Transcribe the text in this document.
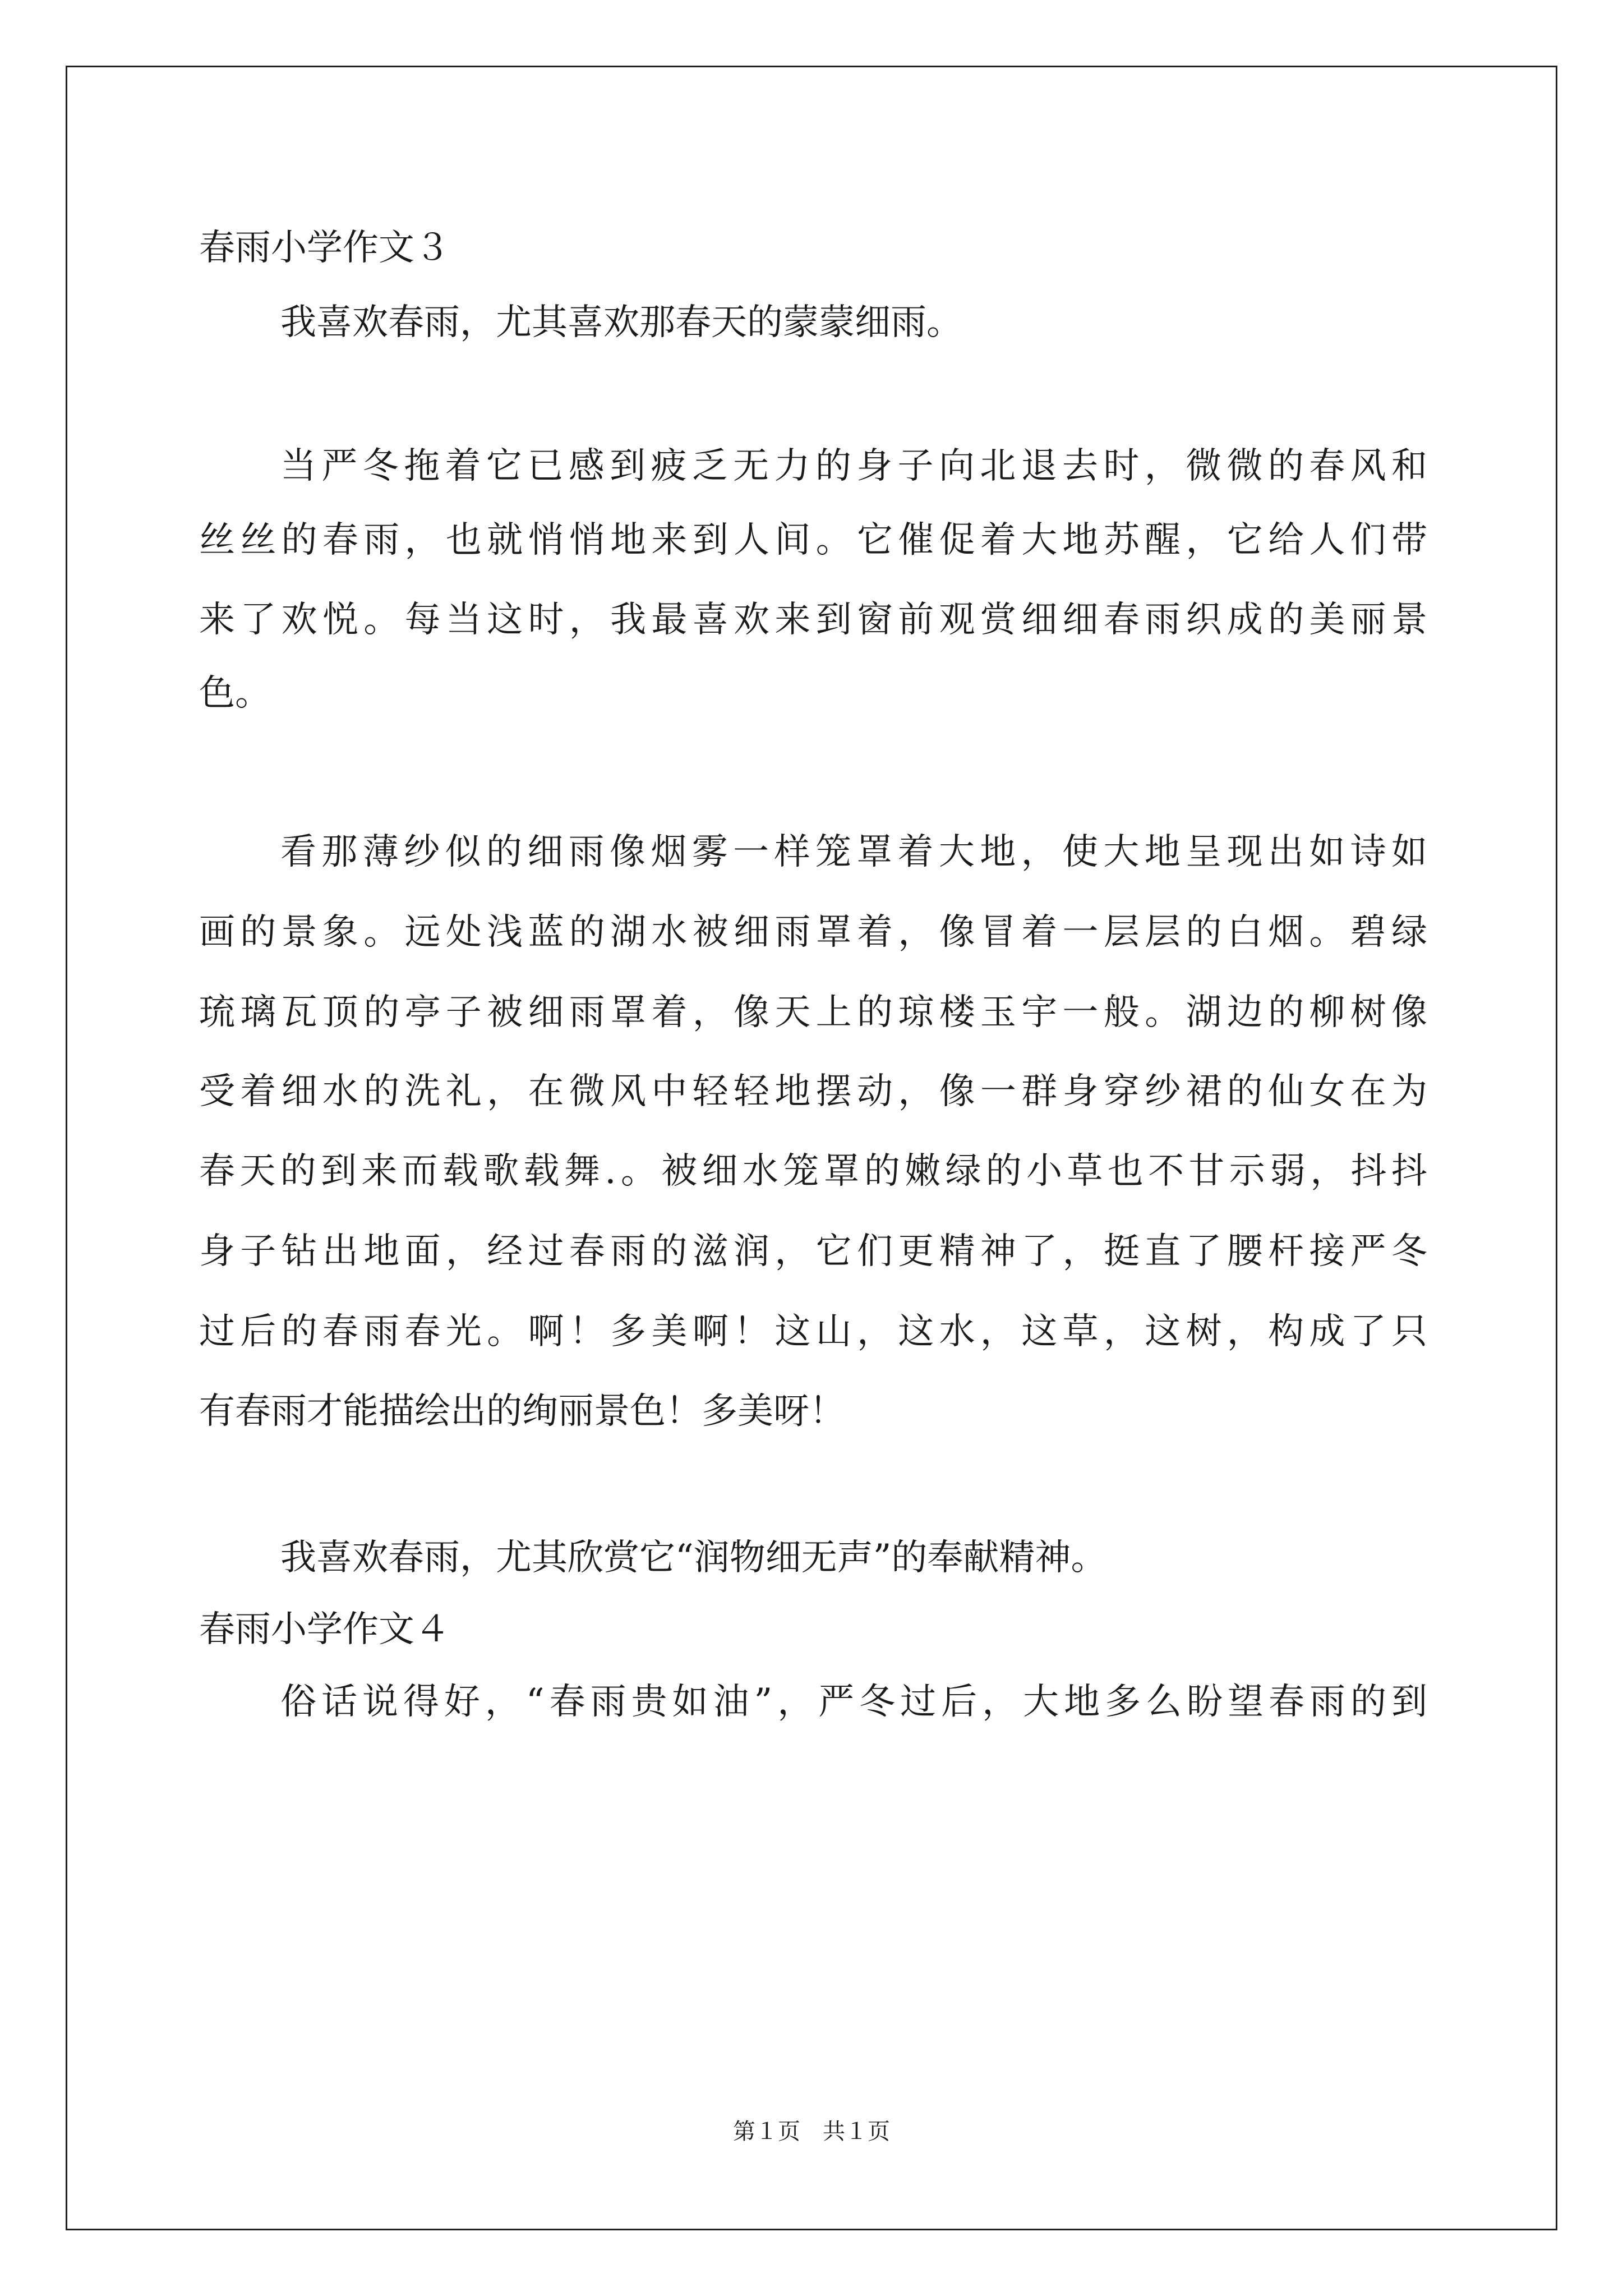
春雨小学作文３
我喜欢春雨，尤其喜欢那春天的蒙蒙细雨。
当严冬拖着它已感到疲乏无力的身子向北退去时，微微的春风和
丝丝的春雨，也就悄悄地来到人间。它催促着大地苏醒，它给人们带
来了欢悦。每当这时，我最喜欢来到窗前观赏细细春雨织成的美丽景
色。
看那薄纱似的细雨像烟雾一样笼罩着大地，使大地呈现出如诗如
画的景象。远处浅蓝的湖水被细雨罩着，像冒着一层层的白烟。碧绿
琉璃瓦顶的亭子被细雨罩着，像天上的琼楼玉宇一般。湖边的柳树像
受着细水的洗礼，在微风中轻轻地摆动，像一群身穿纱裙的仙女在为
春天的到来而载歌载舞.。被细水笼罩的嫩绿的小草也不甘示弱，抖抖
身子钻出地面，经过春雨的滋润，它们更精神了，挺直了腰杆接严冬
过后的春雨春光。啊！多美啊！这山，这水，这草，这树，构成了只
有春雨才能描绘出的绚丽景色！多美呀！
我喜欢春雨，尤其欣赏它“润物细无声”的奉献精神。
春雨小学作文４
俗话说得好，“春雨贵如油”，严冬过后，大地多么盼望春雨的到
第１页　共１页
